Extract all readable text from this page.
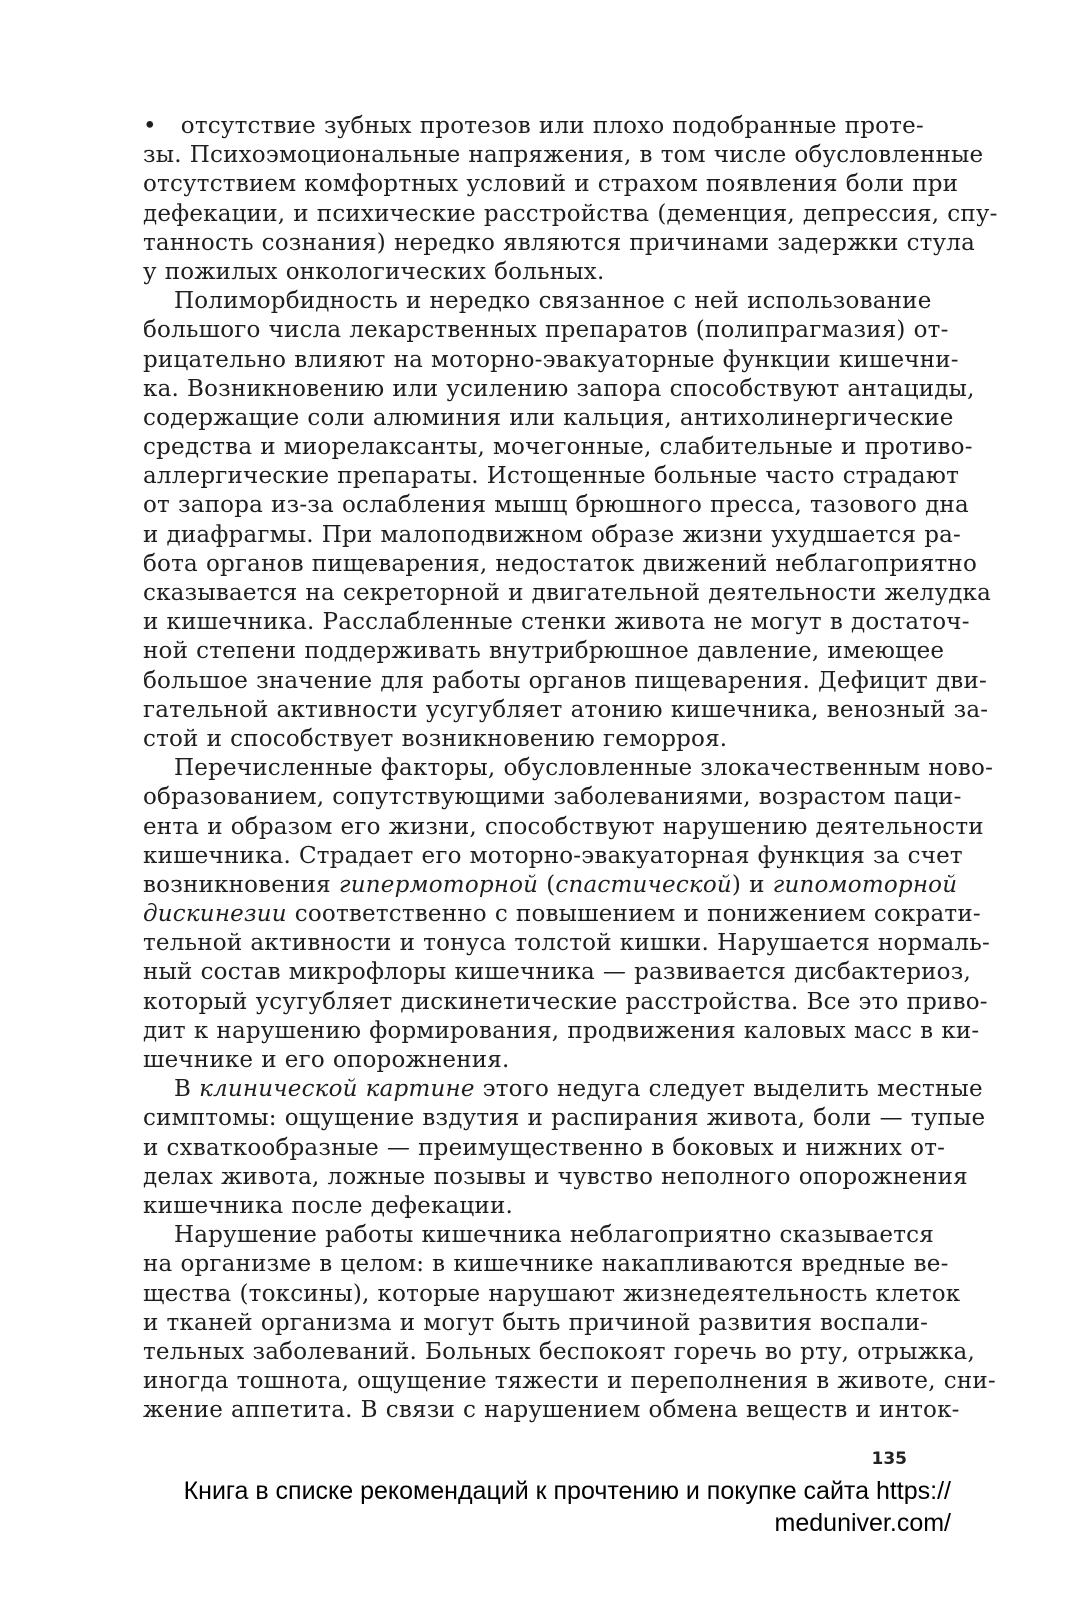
• отсутствие зубных протезов или плохо подобранные проте-
зы. Психоэмоциональные напряжения, в том числе обусловленные
отсутствием комфортных условий и страхом появления боли при
дефекации, и психические расстройства (деменция, депрессия, спу-
танность сознания) нередко являются причинами задержки стула
у пожилых онкологических больных.
Полиморбидность и нередко связанное с ней использование
большого числа лекарственных препаратов (полипрагмазия) от-
рицательно влияют на моторно-эвакуаторные функции кишечни-
ка. Возникновению или усилению запора способствуют антациды,
содержащие соли алюминия или кальция, антихолинергические
средства и миорелаксанты, мочегонные, слабительные и противо-
аллергические препараты. Истощенные больные часто страдают
от запора из-за ослабления мышц брюшного пресса, тазового дна
и диафрагмы. При малоподвижном образе жизни ухудшается ра-
бота органов пищеварения, недостаток движений неблагоприятно
сказывается на секреторной и двигательной деятельности желудка
и кишечника. Расслабленные стенки живота не могут в достаточ-
ной степени поддерживать внутрибрюшное давление, имеющее
большое значение для работы органов пищеварения. Дефицит дви-
гательной активности усугубляет атонию кишечника, венозный за-
стой и способствует возникновению геморроя.
Перечисленные факторы, обусловленные злокачественным ново-
образованием, сопутствующими заболеваниями, возрастом паци-
ента и образом его жизни, способствуют нарушению деятельности
кишечника. Страдает его моторно-эвакуаторная функция за счет
возникновения гипермоторной (спастической) и гипомоторной
дискинезии соответственно с повышением и понижением сократи-
тельной активности и тонуса толстой кишки. Нарушается нормаль-
ный состав микрофлоры кишечника — развивается дисбактериоз,
который усугубляет дискинетические расстройства. Все это приво-
дит к нарушению формирования, продвижения каловых масс в ки-
шечнике и его опорожнения.
В клинической картине этого недуга следует выделить местные
симптомы: ощущение вздутия и распирания живота, боли — тупые
и схваткообразные — преимущественно в боковых и нижних от-
делах живота, ложные позывы и чувство неполного опорожнения
кишечника после дефекации.
Нарушение работы кишечника неблагоприятно сказывается
на организме в целом: в кишечнике накапливаются вредные ве-
щества (токсины), которые нарушают жизнедеятельность клеток
и тканей организма и могут быть причиной развития воспали-
тельных заболеваний. Больных беспокоят горечь во рту, отрыжка,
иногда тошнота, ощущение тяжести и переполнения в животе, сни-
жение аппетита. В связи с нарушением обмена веществ и инток-
135
Книга в списке рекомендаций к прочтению и покупке сайта https://
meduniver.com/
